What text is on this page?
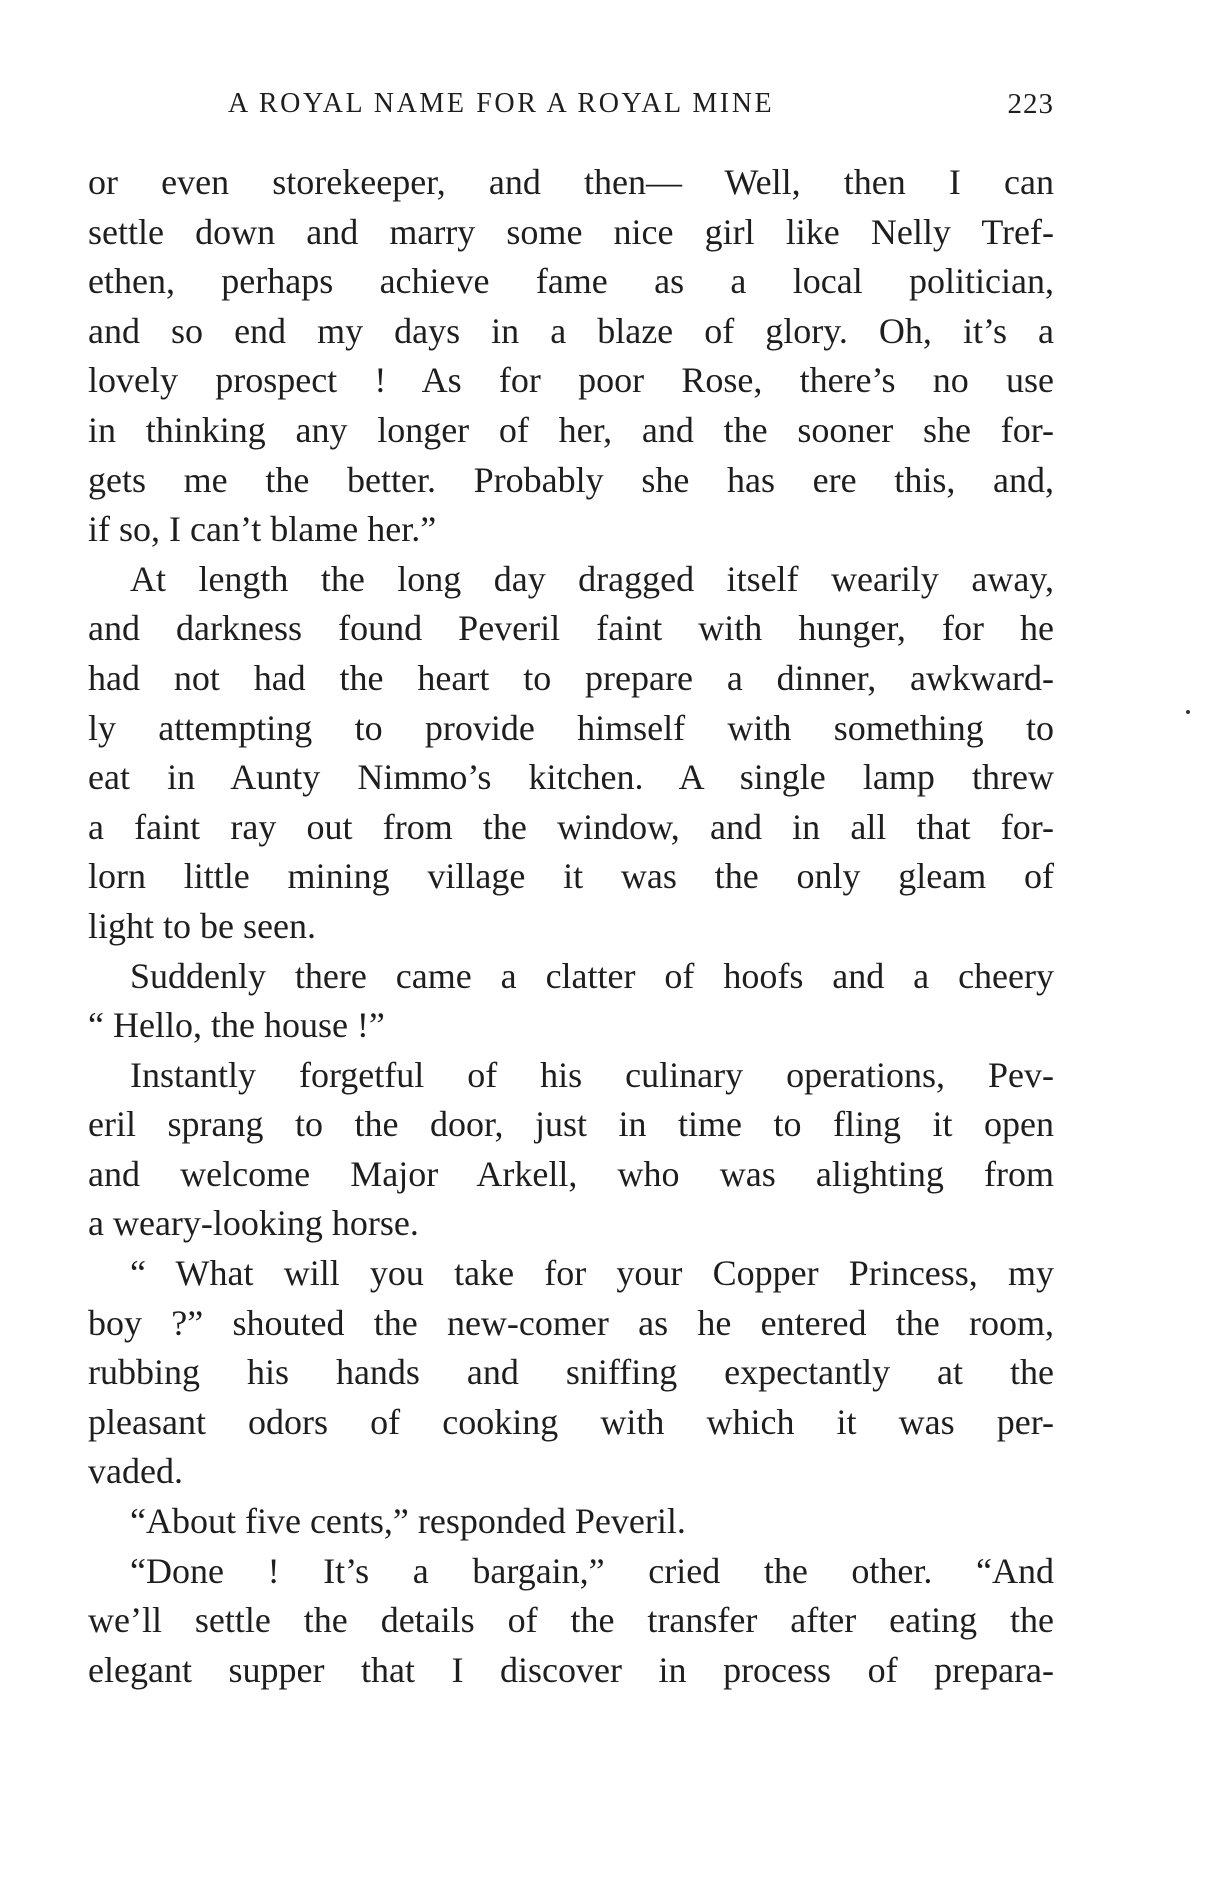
A ROYAL NAME FOR A ROYAL MINE	223
or even storekeeper, and then— Well, then I can
settle down and marry some nice girl like Nelly Tref-
ethen, perhaps achieve fame as a local politician,
and so end my days in a blaze of glory. Oh, it’s a
lovely prospect ! As for poor Rose, there’s no use
in thinking any longer of her, and the sooner she for-
gets me the better. Probably she has ere this, and,
if so, I can’t blame her.”
At length the long day dragged itself wearily away,
and darkness found Peveril faint with hunger, for he
had not had the heart to prepare a dinner, awkward-
ly attempting to provide himself with something to
eat in Aunty Nimmo’s kitchen. A single lamp threw
a faint ray out from the window, and in all that for-
lorn little mining village it was the only gleam of
light to be seen.
Suddenly there came a clatter of hoofs and a cheery
“ Hello, the house !”
Instantly forgetful of his culinary operations, Pev-
eril sprang to the door, just in time to fling it open
and welcome Major Arkell, who was alighting from
a weary-looking horse.
“ What will you take for your Copper Princess, my
boy ?” shouted the new-comer as he entered the room,
rubbing his hands and sniffing expectantly at the
pleasant odors of cooking with which it was per-
vaded.
“About five cents,” responded Peveril.
“Done ! It’s a bargain,” cried the other. “And
we’ll settle the details of the transfer after eating the
elegant supper that I discover in process of prepara-
